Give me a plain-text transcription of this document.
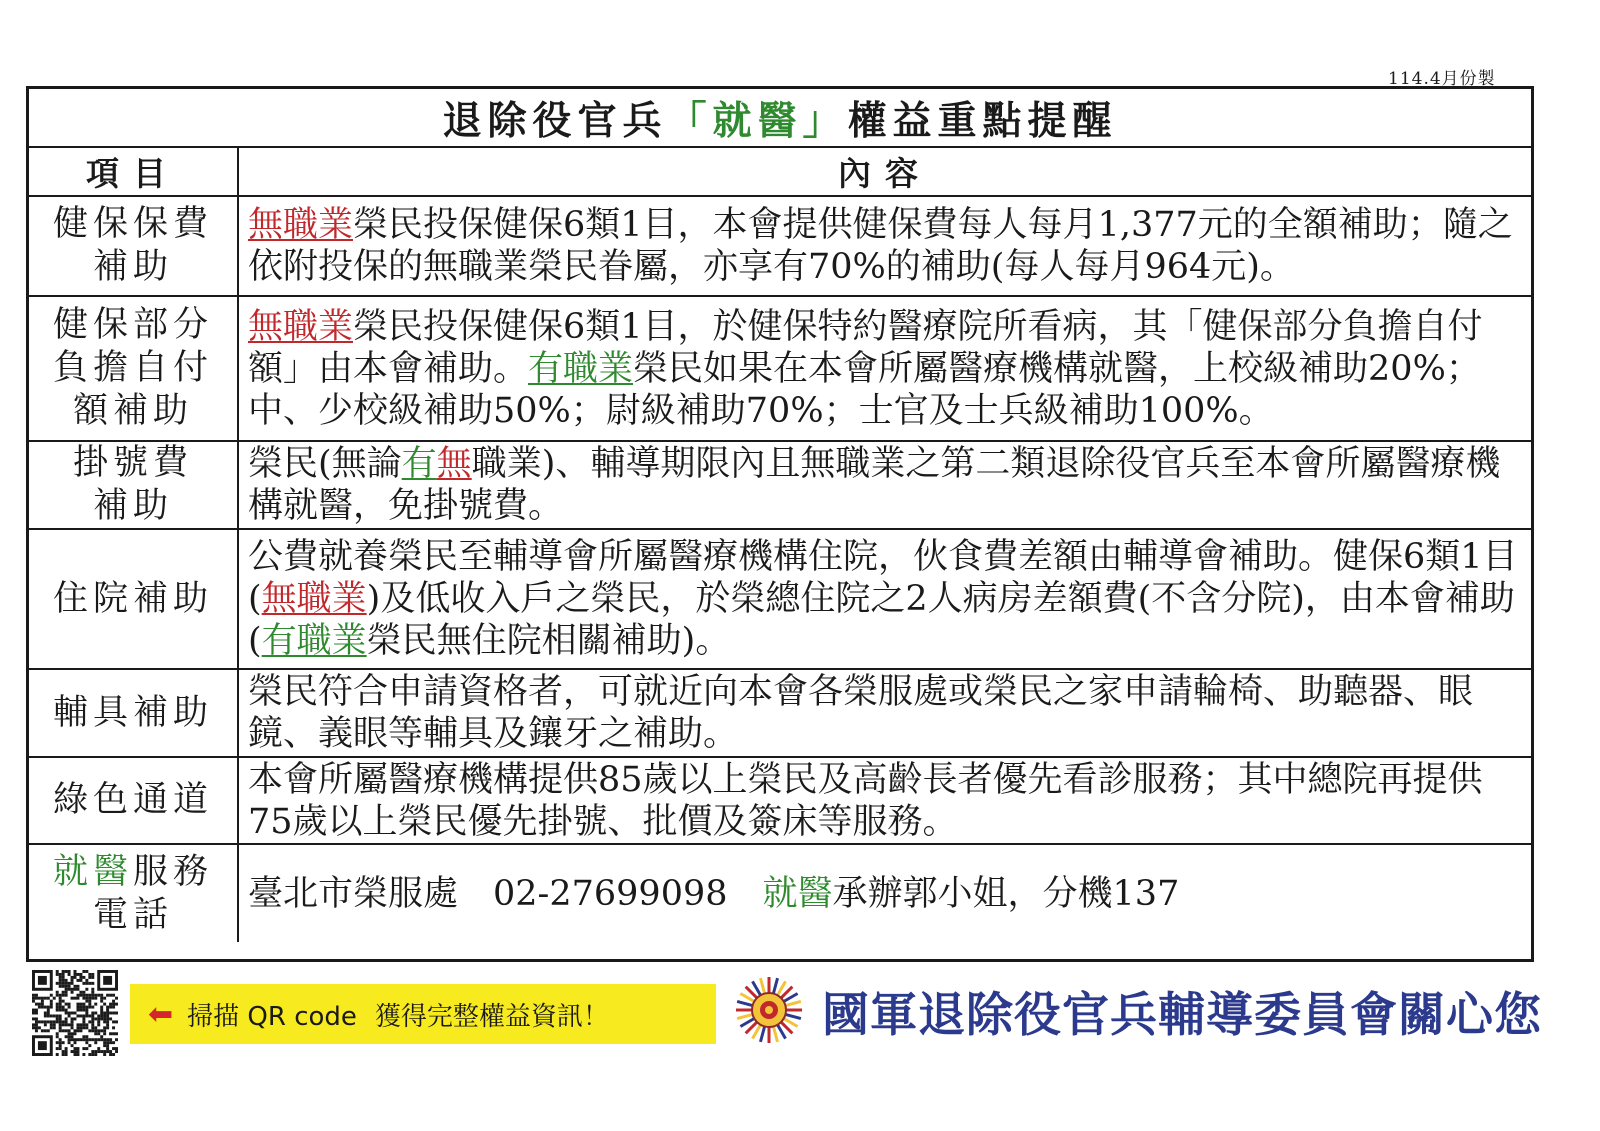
114.4月份製
退除役官兵 「就醫」 權益重點提醒
項目	內容

健保保費
補助	無職業榮民投保健保6類1目，本會提供健保費每人每月1,377元的全額補助；隨之依附投保的無職業榮民眷屬，亦享有70%的補助(每人每月964元)。

健保部分
負擔自付
額補助	無職業榮民投保健保6類1目，於健保特約醫療院所看病，其「健保部分負擔自付額」由本會補助。有職業榮民如果在本會所屬醫療機構就醫，上校級補助20%；中、少校級補助50%；尉級補助70%；士官及士兵級補助100%。

掛號費
補助	榮民(無論有無職業)、輔導期限內且無職業之第二類退除役官兵至本會所屬醫療機構就醫，免掛號費。

住院補助	公費就養榮民至輔導會所屬醫療機構住院，伙食費差額由輔導會補助。健保6類1目(無職業)及低收入戶之榮民，於榮總住院之2人病房差額費(不含分院)，由本會補助(有職業榮民無住院相關補助)。

輔具補助	榮民符合申請資格者，可就近向本會各榮服處或榮民之家申請輪椅、助聽器、眼鏡、義眼等輔具及鑲牙之補助。

綠色通道	本會所屬醫療機構提供85歲以上榮民及高齡長者優先看診服務；其中總院再提供75歲以上榮民優先掛號、批價及簽床等服務。

就醫服務
電話	臺北市榮服處　02-27699098　就醫承辦郭小姐，分機137
⬅ 掃描 QR code 獲得完整權益資訊！	國軍退除役官兵輔導委員會關心您
